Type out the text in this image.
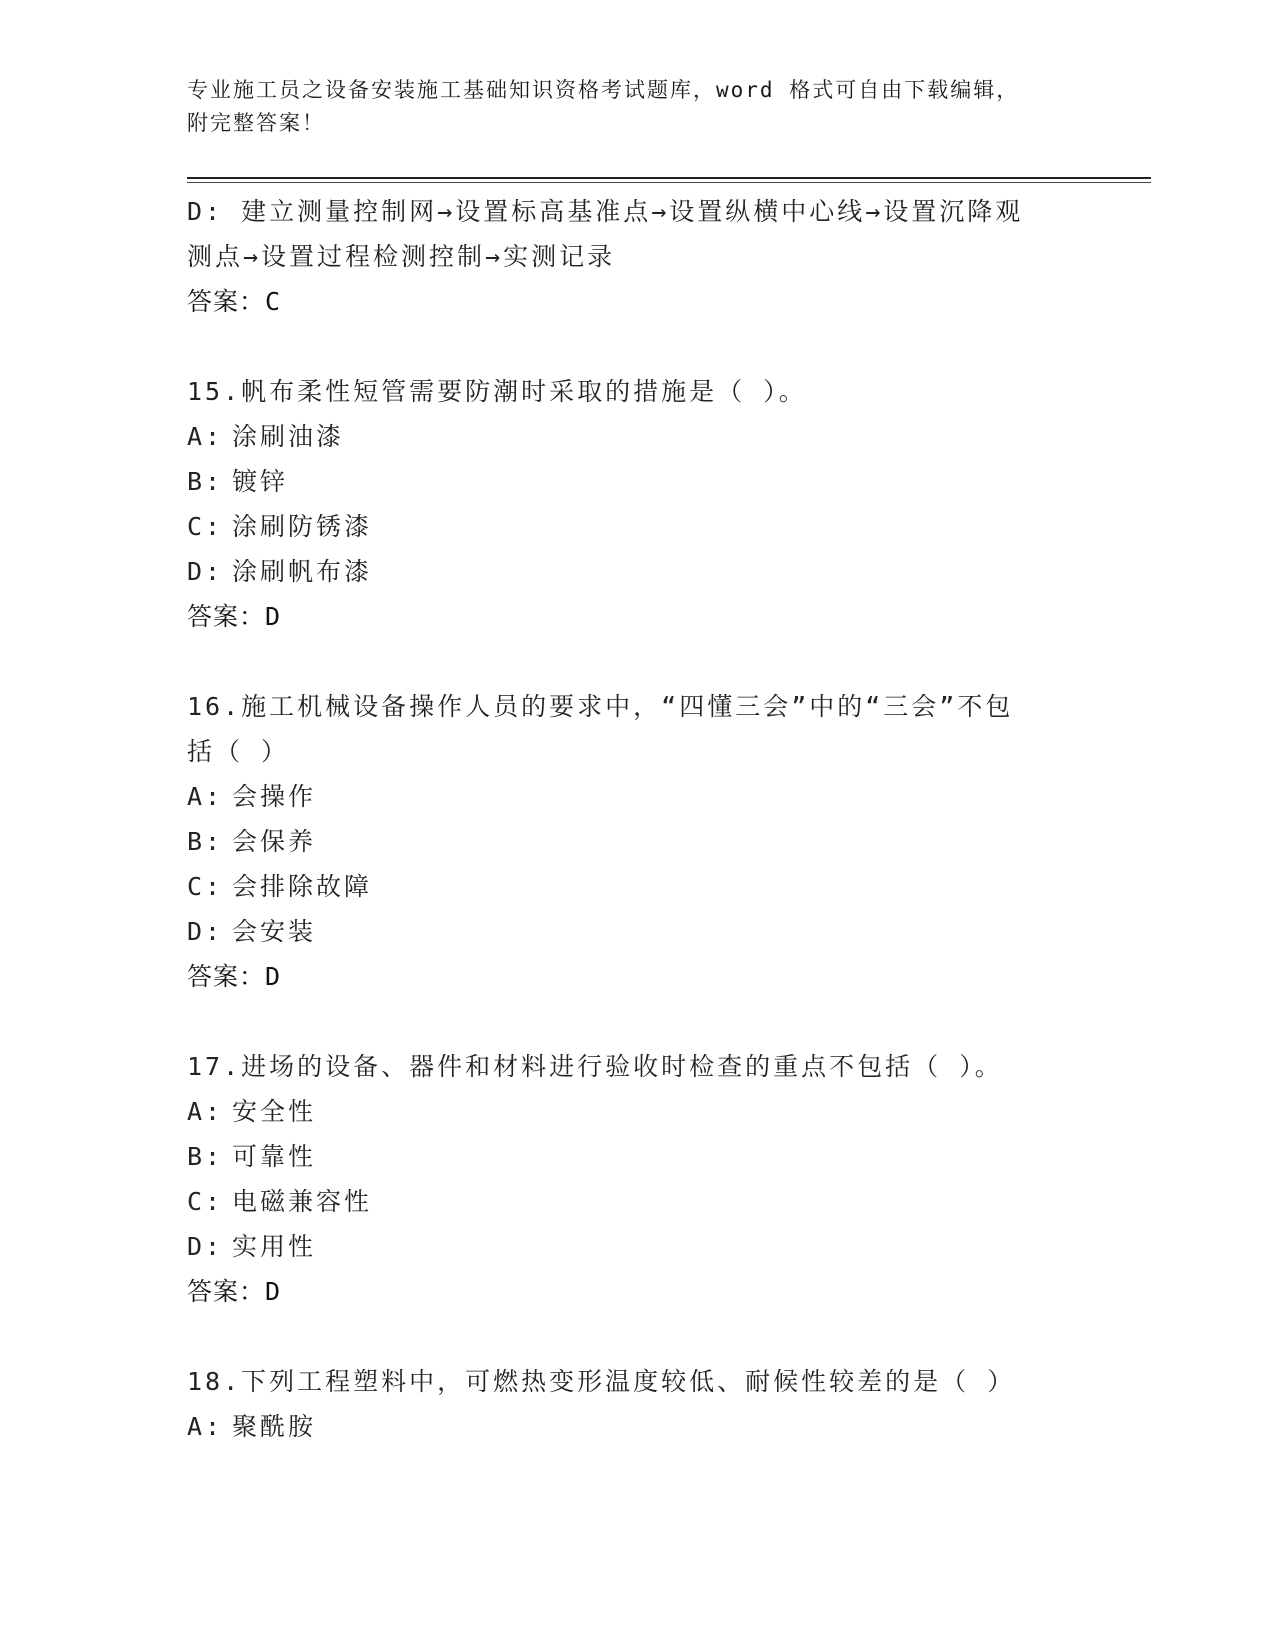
专业施工员之设备安装施工基础知识资格考试题库，word 格式可自由下载编辑，
附完整答案！
D: 建立测量控制网→设置标高基准点→设置纵横中心线→设置沉降观
测点→设置过程检测控制→实测记录
答案：C
15.帆布柔性短管需要防潮时采取的措施是（ ）。
A: 涂刷油漆
B: 镀锌
C: 涂刷防锈漆
D: 涂刷帆布漆
答案：D
16.施工机械设备操作人员的要求中，“四懂三会”中的“三会”不包
括（ ）
A: 会操作
B: 会保养
C: 会排除故障
D: 会安装
答案：D
17.进场的设备、器件和材料进行验收时检查的重点不包括（ ）。
A: 安全性
B: 可靠性
C: 电磁兼容性
D: 实用性
答案：D
18.下列工程塑料中，可燃热变形温度较低、耐候性较差的是（ ）
A: 聚酰胺
